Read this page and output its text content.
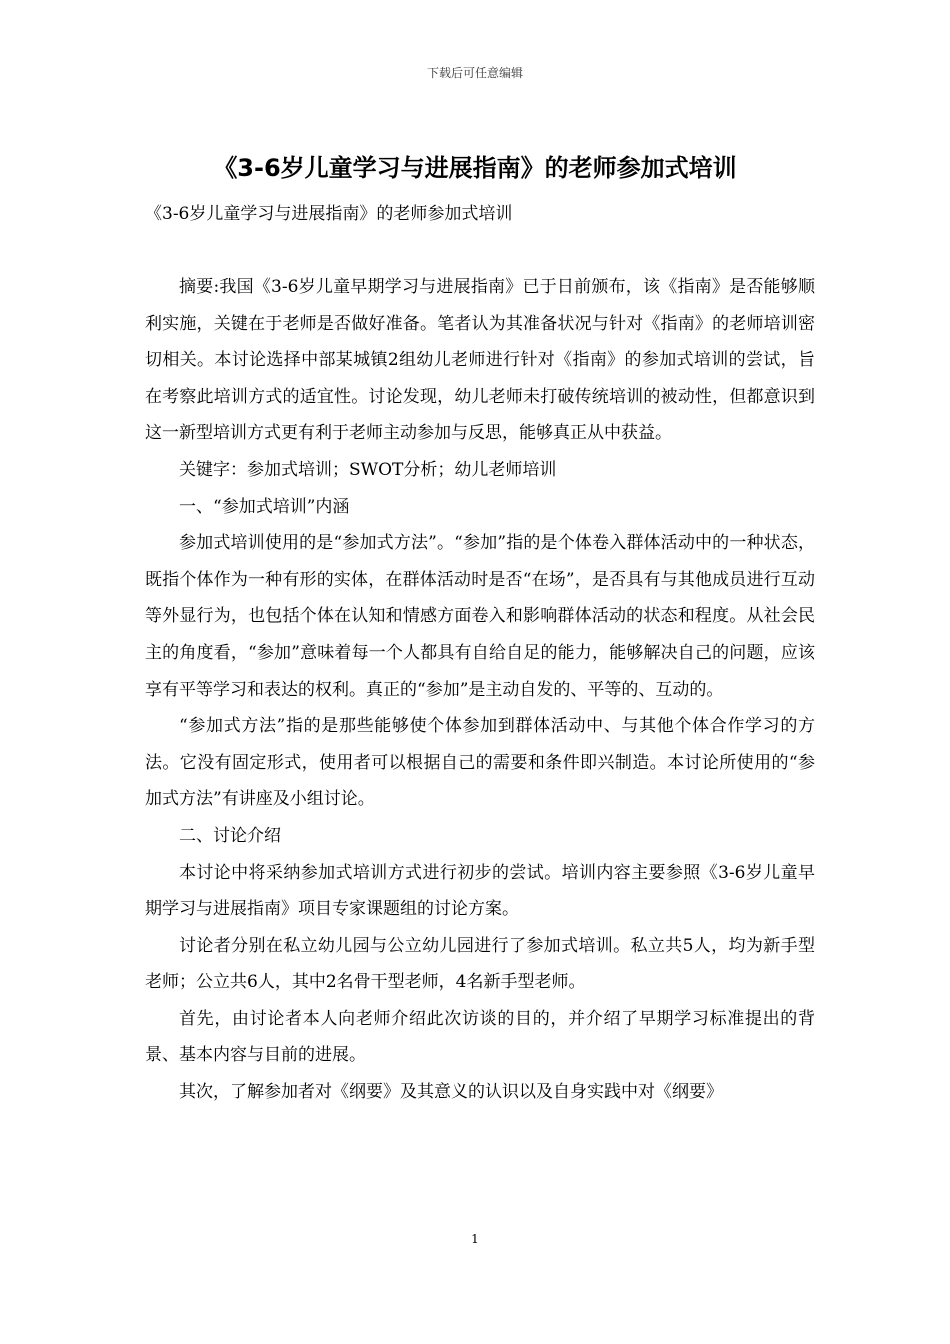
下载后可任意编辑
《3-6岁儿童学习与进展指南》的老师参加式培训
《3-6岁儿童学习与进展指南》的老师参加式培训

摘要:我国《3-6岁儿童早期学习与进展指南》已于日前颁布，该《指南》是否能够顺利实施，关键在于老师是否做好准备。笔者认为其准备状况与针对《指南》的老师培训密切相关。本讨论选择中部某城镇2组幼儿老师进行针对《指南》的参加式培训的尝试，旨在考察此培训方式的适宜性。讨论发现，幼儿老师未打破传统培训的被动性，但都意识到这一新型培训方式更有利于老师主动参加与反思，能够真正从中获益。

关键字：参加式培训；SWOT分析；幼儿老师培训

一、“参加式培训”内涵

参加式培训使用的是“参加式方法”。“参加”指的是个体卷入群体活动中的一种状态，既指个体作为一种有形的实体，在群体活动时是否“在场”，是否具有与其他成员进行互动等外显行为，也包括个体在认知和情感方面卷入和影响群体活动的状态和程度。从社会民主的角度看，“参加”意味着每一个人都具有自给自足的能力，能够解决自己的问题，应该享有平等学习和表达的权利。真正的“参加”是主动自发的、平等的、互动的。

“参加式方法”指的是那些能够使个体参加到群体活动中、与其他个体合作学习的方法。它没有固定形式，使用者可以根据自己的需要和条件即兴制造。本讨论所使用的“参加式方法”有讲座及小组讨论。

二、讨论介绍

本讨论中将采纳参加式培训方式进行初步的尝试。培训内容主要参照《3-6岁儿童早期学习与进展指南》项目专家课题组的讨论方案。

讨论者分别在私立幼儿园与公立幼儿园进行了参加式培训。私立共5人，均为新手型老师；公立共6人，其中2名骨干型老师，4名新手型老师。

首先，由讨论者本人向老师介绍此次访谈的目的，并介绍了早期学习标准提出的背景、基本内容与目前的进展。

其次，了解参加者对《纲要》及其意义的认识以及自身实践中对《纲要》

1
